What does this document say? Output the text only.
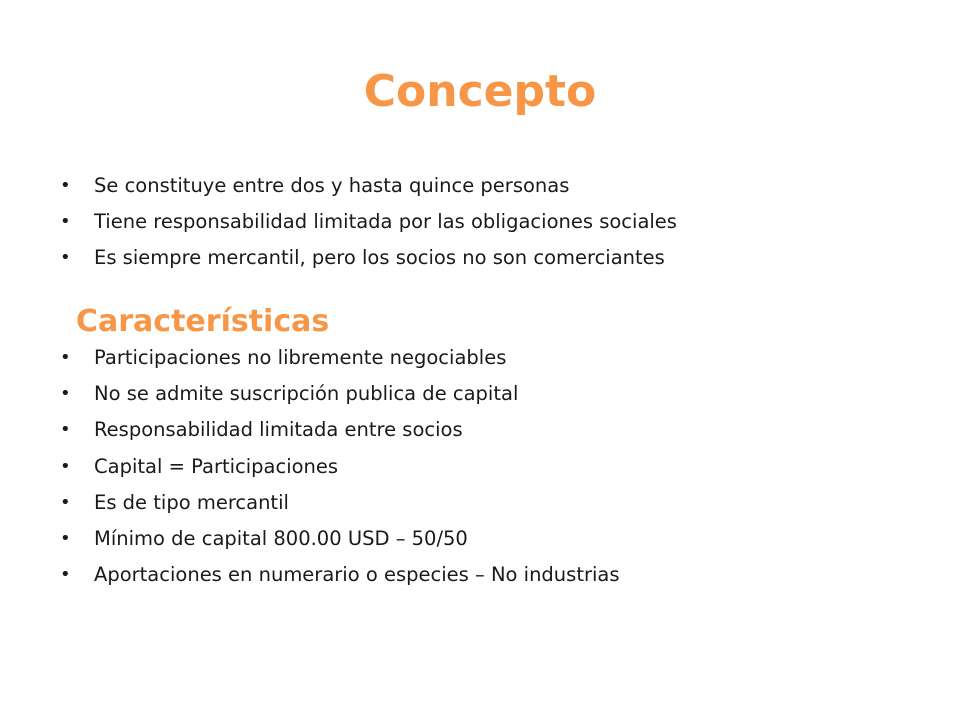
Concepto
• Se constituye entre dos y hasta quince personas
• Tiene responsabilidad limitada por las obligaciones sociales
• Es siempre mercantil, pero los socios no son comerciantes
Características
• Participaciones no libremente negociables
• No se admite suscripción publica de capital
• Responsabilidad limitada entre socios
• Capital = Participaciones
• Es de tipo mercantil
• Mínimo de capital 800.00 USD – 50/50
• Aportaciones en numerario o especies – No industrias
